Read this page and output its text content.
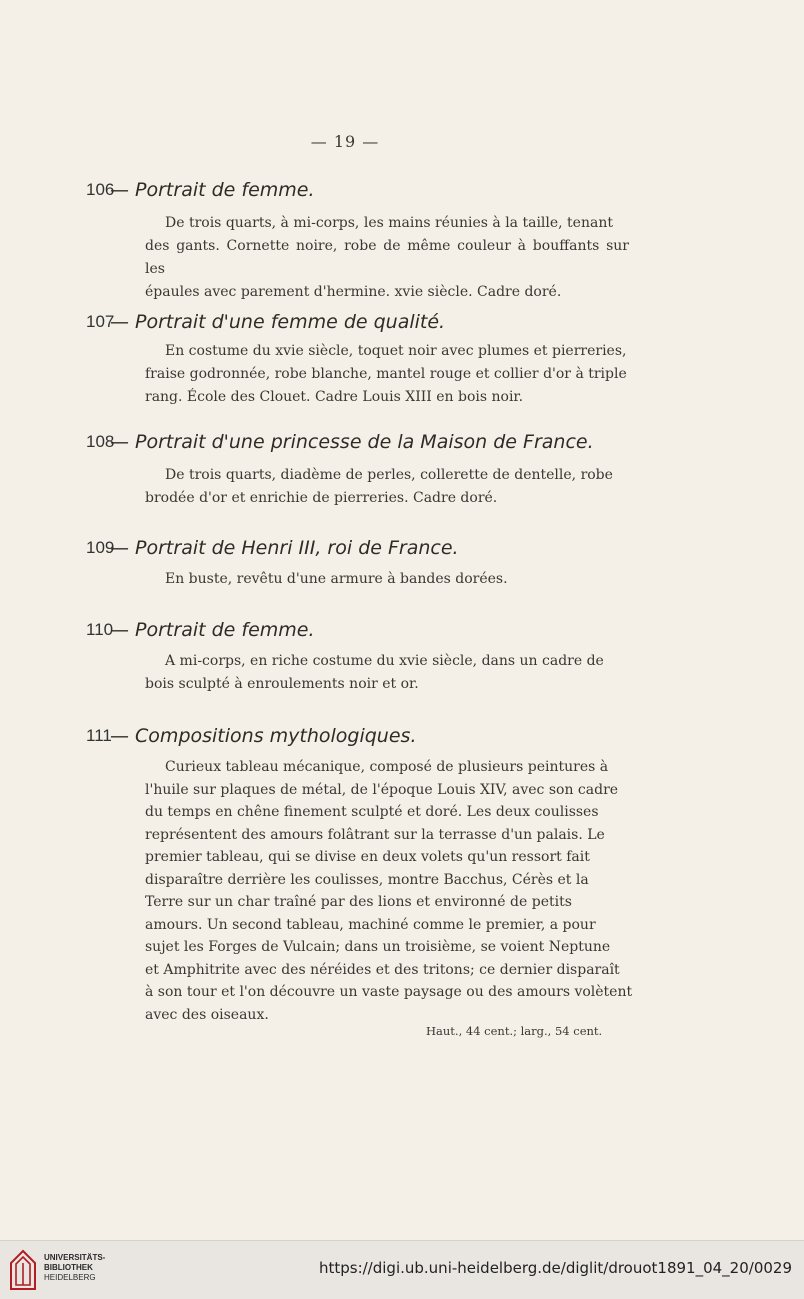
— 19 —
106
— Portrait de femme.
De trois quarts, à mi-corps, les mains réunies à la taille, tenant
des gants. Cornette noire, robe de même couleur à bouffants sur les
épaules avec parement d'hermine. xvie siècle. Cadre doré.
107
— Portrait d'une femme de qualité.
En costume du xvie siècle, toquet noir avec plumes et pierreries,
fraise godronnée, robe blanche, mantel rouge et collier d'or à triple
rang. École des Clouet. Cadre Louis XIII en bois noir.
108
— Portrait d'une princesse de la Maison de France.
De trois quarts, diadème de perles, collerette de dentelle, robe
brodée d'or et enrichie de pierreries. Cadre doré.
109
— Portrait de Henri III, roi de France.
En buste, revêtu d'une armure à bandes dorées.
110
— Portrait de femme.
A mi-corps, en riche costume du xvie siècle, dans un cadre de
bois sculpté à enroulements noir et or.
111
— Compositions mythologiques.
Curieux tableau mécanique, composé de plusieurs peintures à
l'huile sur plaques de métal, de l'époque Louis XIV, avec son cadre
du temps en chêne finement sculpté et doré. Les deux coulisses
représentent des amours folâtrant sur la terrasse d'un palais. Le
premier tableau, qui se divise en deux volets qu'un ressort fait
disparaître derrière les coulisses, montre Bacchus, Cérès et la
Terre sur un char traîné par des lions et environné de petits
amours. Un second tableau, machiné comme le premier, a pour
sujet les Forges de Vulcain; dans un troisième, se voient Neptune
et Amphitrite avec des néréides et des tritons; ce dernier disparaît
à son tour et l'on découvre un vaste paysage ou des amours volètent
avec des oiseaux.
Haut., 44 cent.; larg., 54 cent.
UNIVERSITÄTS-
BIBLIOTHEK
HEIDELBERG
https://digi.ub.uni-heidelberg.de/diglit/drouot1891_04_20/0029
